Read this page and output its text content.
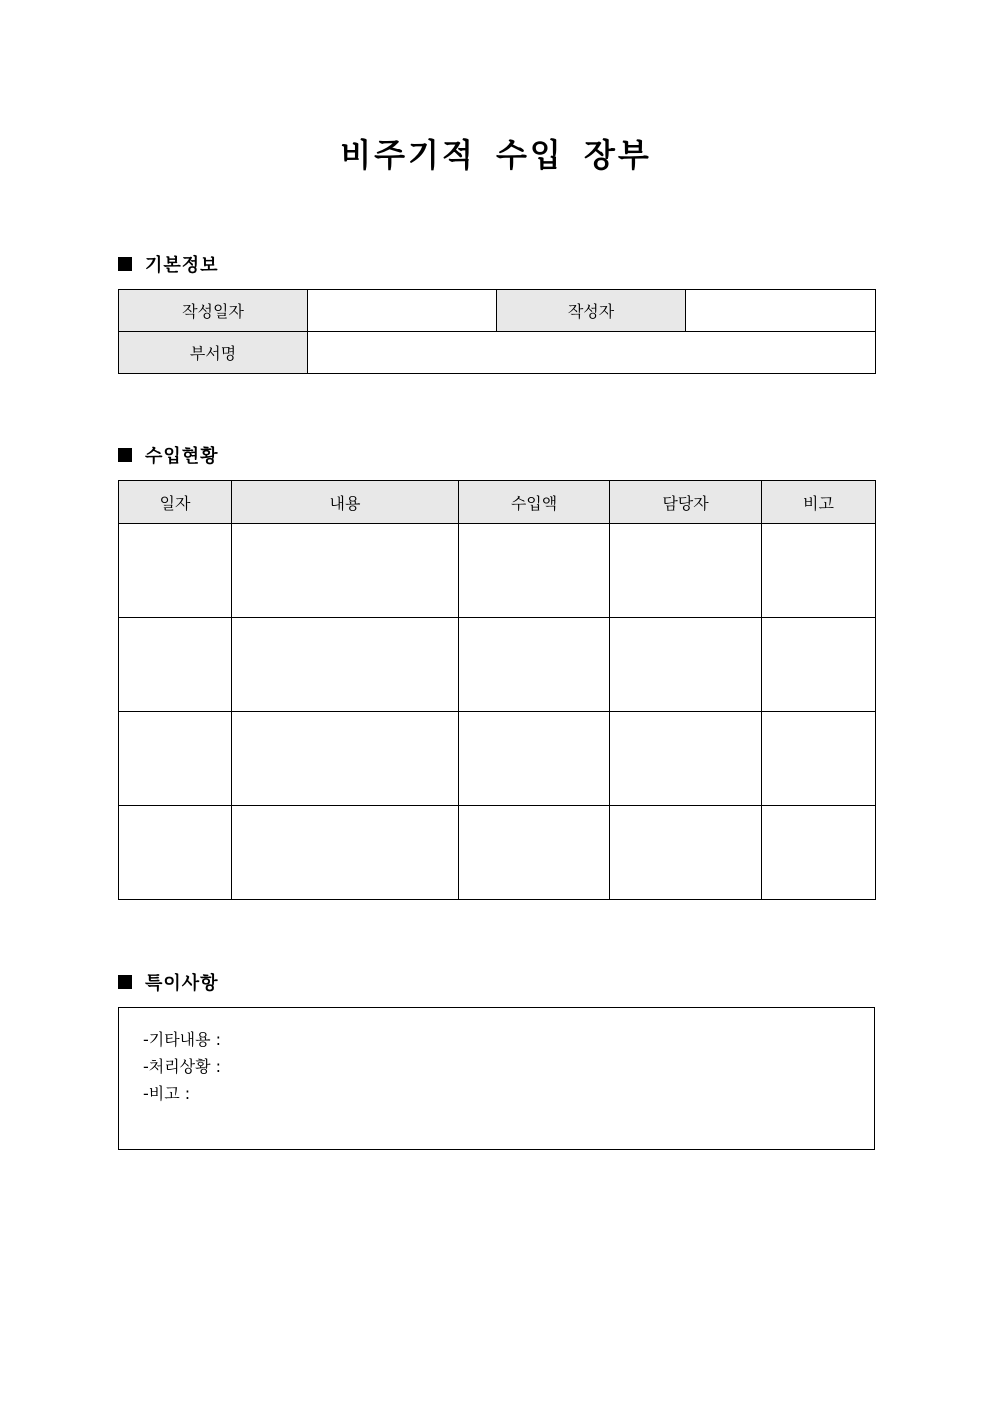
비주기적 수입 장부
기본정보
작성일자		작성자	
부서명			
수입현황
일자	내용	수입액	담당자	비고

특이사항
-기타내용 :
-처리상황 :
-비고 :
